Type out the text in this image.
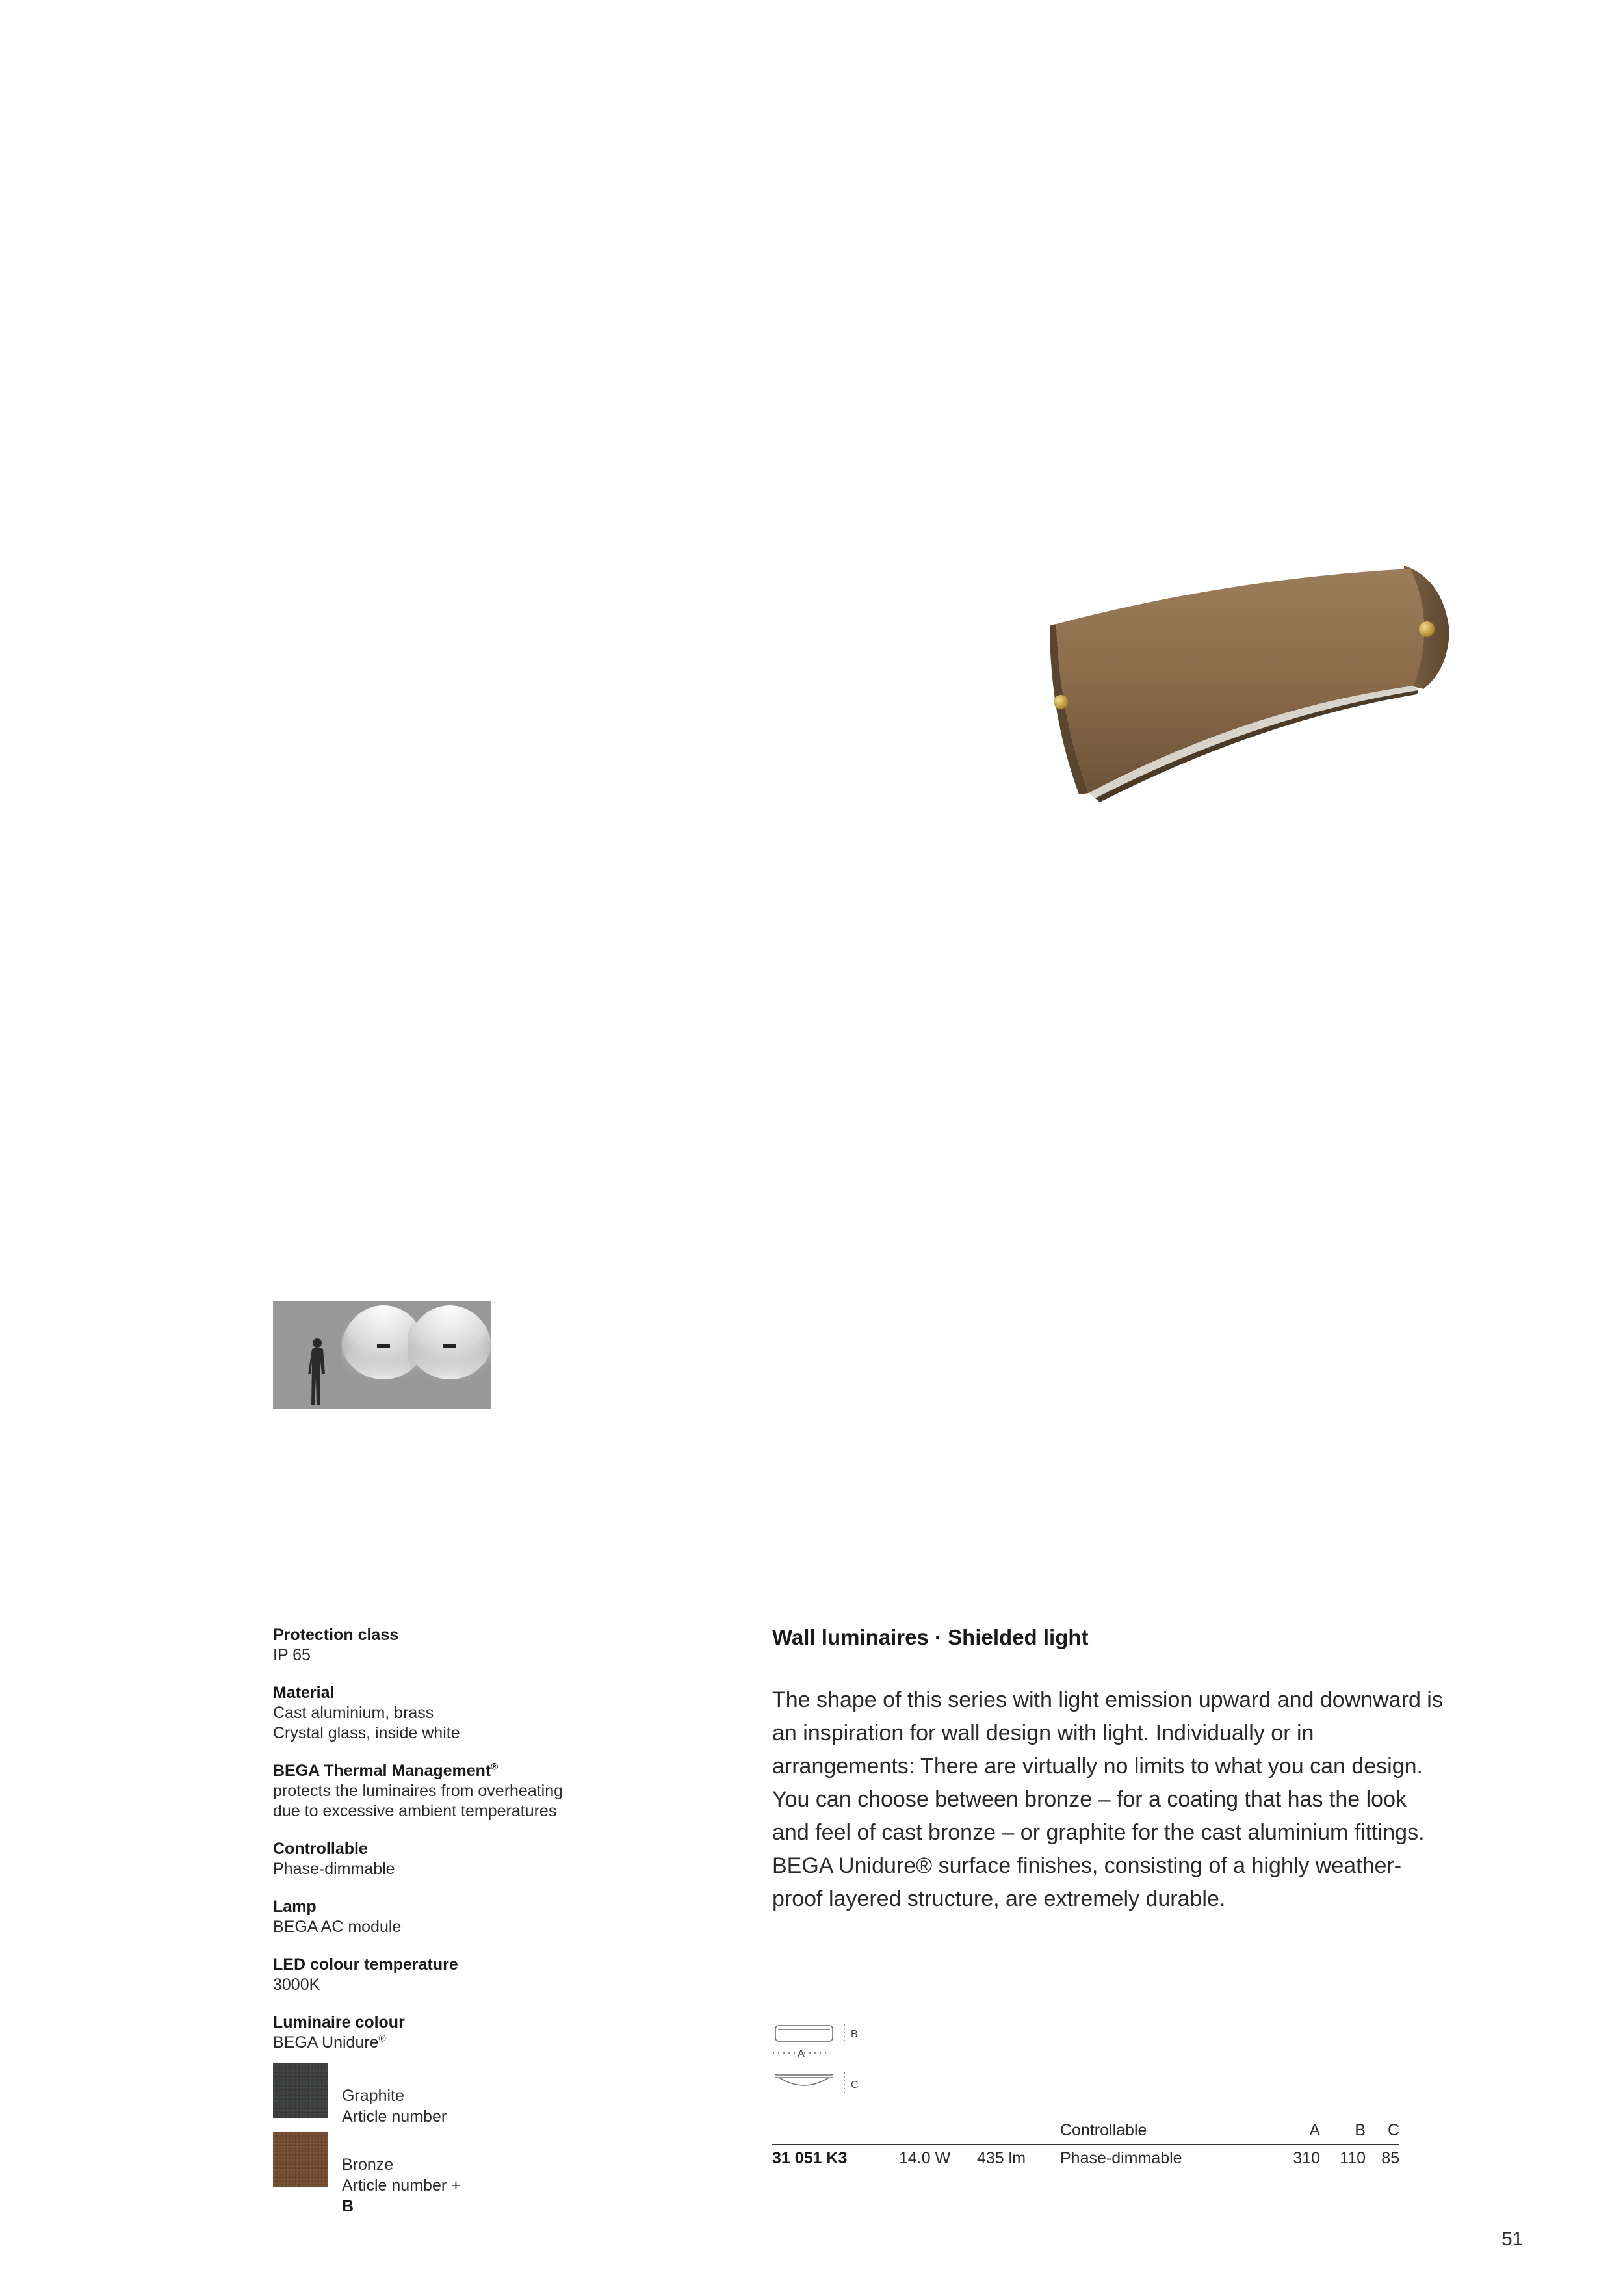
Protection class
IP 65
Material
Cast aluminium, brass
Crystal glass, inside white
BEGA Thermal Management®
protects the luminaires from overheating
due to excessive ambient temperatures
Controllable
Phase-dimmable
Lamp
BEGA AC module
LED colour temperature
3000K
Luminaire colour
BEGA Unidure®
Graphite
Article number
Bronze
Article number +
B
Wall luminaires · Shielded light

The shape of this series with light emission upward and downward is an inspiration for wall design with light. Individually or in arrangements: There are virtually no limits to what you can design. You can choose between bronze – for a coating that has the look and feel of cast bronze – or graphite for the cast aluminium fittings.

BEGA Unidure® surface finishes, consisting of a highly weather-proof layered structure, are extremely durable.

B
A
C
			Controllable	A	B	C
31 051 K3	14.0 W	435 lm	Phase-dimmable	310	110	85
51
